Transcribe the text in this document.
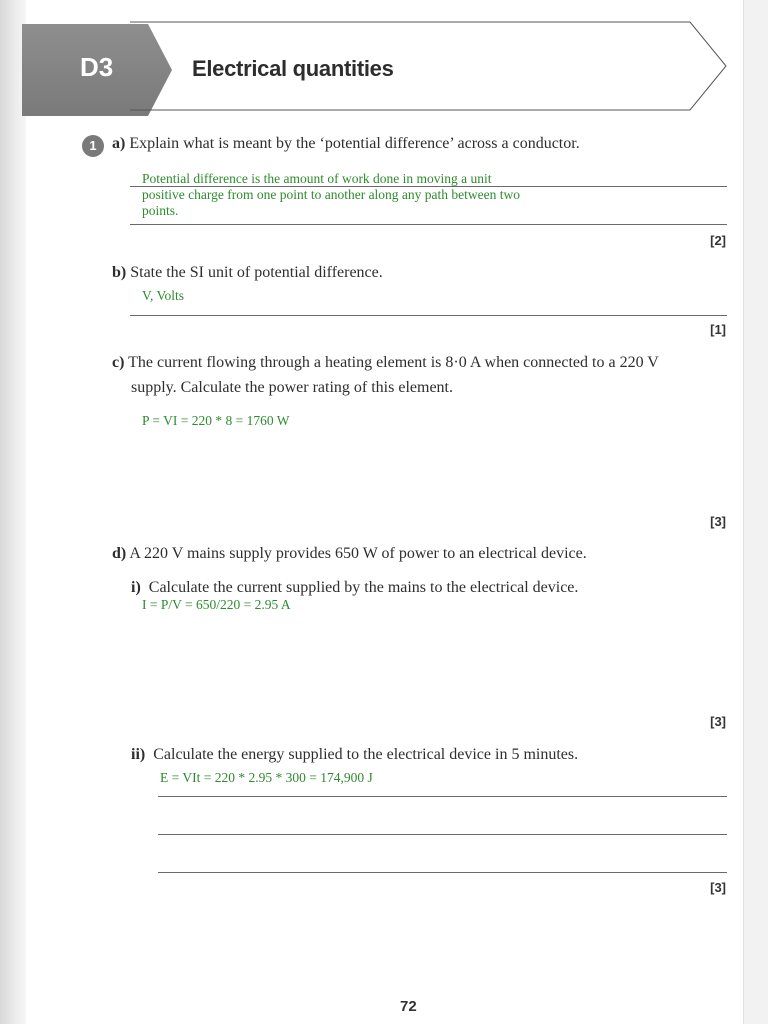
D3	Electrical quantities
1 a) Explain what is meant by the ‘potential difference’ across a conductor.
Potential difference is the amount of work done in moving a unit
positive charge from one point to another along any path between two
points.
[2]
b) State the SI unit of potential difference.
V, Volts
[1]
c) The current flowing through a heating element is 8·0 A when connected to a 220 V
supply. Calculate the power rating of this element.
P = VI = 220 * 8 = 1760 W
[3]
d) A 220 V mains supply provides 650 W of power to an electrical device.
i) Calculate the current supplied by the mains to the electrical device.
I = P/V = 650/220 = 2.95 A
[3]
ii) Calculate the energy supplied to the electrical device in 5 minutes.
E = VIt = 220 * 2.95 * 300 = 174,900 J
[3]
72
